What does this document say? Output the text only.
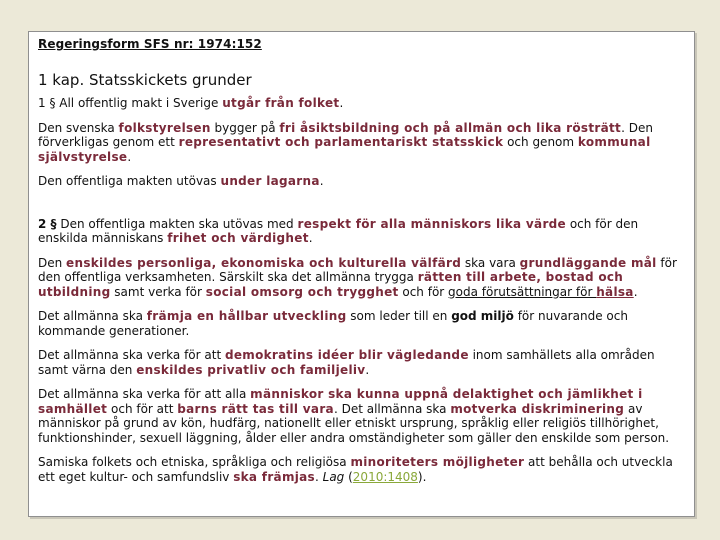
Regeringsform SFS nr: 1974:152
1 kap. Statsskickets grunder

1 § All offentlig makt i Sverige utgår från folket.

Den svenska folkstyrelsen bygger på fri åsiktsbildning och på allmän och lika rösträtt. Den förverkligas genom ett representativt och parlamentariskt statsskick och genom kommunal självstyrelse.

Den offentliga makten utövas under lagarna.

2 § Den offentliga makten ska utövas med respekt för alla människors lika värde och för den enskilda människans frihet och värdighet.

Den enskildes personliga, ekonomiska och kulturella välfärd ska vara grundläggande mål för den offentliga verksamheten. Särskilt ska det allmänna trygga rätten till arbete, bostad och utbildning samt verka för social omsorg och trygghet och för goda förutsättningar för hälsa.

Det allmänna ska främja en hållbar utveckling som leder till en god miljö för nuvarande och kommande generationer.

Det allmänna ska verka för att demokratins idéer blir vägledande inom samhällets alla områden samt värna den enskildes privatliv och familjeliv.

Det allmänna ska verka för att alla människor ska kunna uppnå delaktighet och jämlikhet i samhället och för att barns rätt tas till vara. Det allmänna ska motverka diskriminering av människor på grund av kön, hudfärg, nationellt eller etniskt ursprung, språklig eller religiös tillhörighet, funktionshinder, sexuell läggning, ålder eller andra omständigheter som gäller den enskilde som person.

Samiska folkets och etniska, språkliga och religiösa minoriteters möjligheter att behålla och utveckla ett eget kultur- och samfundsliv ska främjas. Lag (2010:1408).
